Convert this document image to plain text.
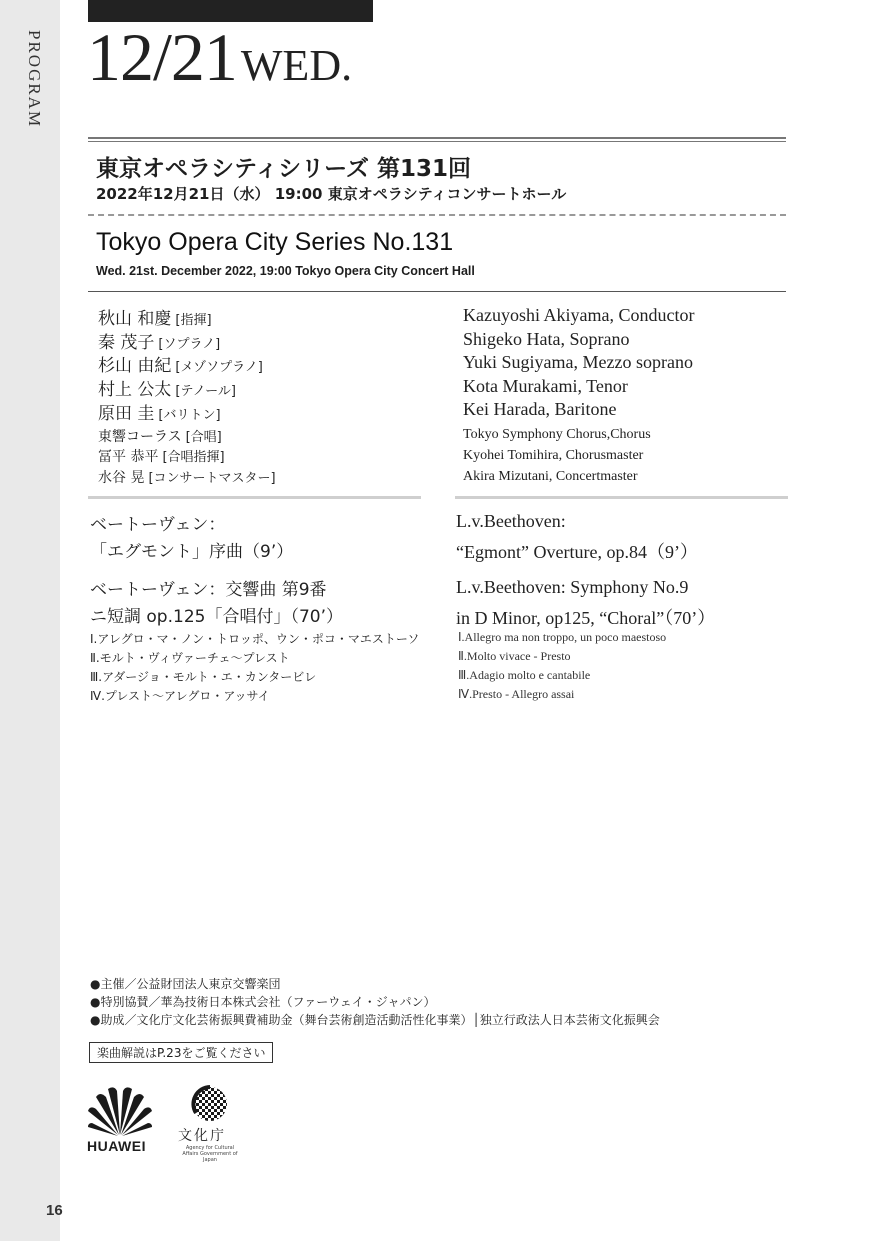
PROGRAM
16
12/21WED.
東京オペラシティシリーズ 第131回
2022年12月21日（水） 19:00 東京オペラシティコンサートホール
Tokyo Opera City Series No.131
Wed. 21st. December 2022, 19:00 Tokyo Opera City Concert Hall
秋山 和慶 [指揮]
秦 茂子 [ソプラノ]
杉山 由紀 [メゾソプラノ]
村上 公太 [テノール]
原田 圭 [バリトン]
東響コーラス [合唱]
冨平 恭平 [合唱指揮]
水谷 晃 [コンサートマスター]
Kazuyoshi Akiyama, Conductor
Shigeko Hata, Soprano
Yuki Sugiyama, Mezzo soprano
Kota Murakami, Tenor
Kei Harada, Baritone
Tokyo Symphony Chorus,Chorus
Kyohei Tomihira, Chorusmaster
Akira Mizutani, Concertmaster
ベートーヴェン：
「エグモント」序曲（9’）
ベートーヴェン：交響曲 第9番
ニ短調 op.125「合唱付」（70’）
L.v.Beethoven:
“Egmont” Overture, op.84（9’）
L.v.Beethoven: Symphony No.9
in D Minor, op125, “Choral”（70’）
Ⅰ.アレグロ・マ・ノン・トロッポ、ウン・ポコ・マエストーソ
Ⅱ.モルト・ヴィヴァーチェ〜プレスト
Ⅲ.アダージョ・モルト・エ・カンタービレ
Ⅳ.プレスト〜アレグロ・アッサイ
Ⅰ.Allegro ma non troppo, un poco maestoso
Ⅱ.Molto vivace - Presto
Ⅲ.Adagio molto e cantabile
Ⅳ.Presto - Allegro assai
●主催／公益財団法人東京交響楽団
●特別協賛／華為技術日本株式会社（ファーウェイ・ジャパン）
●助成／文化庁文化芸術振興費補助金（舞台芸術創造活動活性化事業）│独立行政法人日本芸術文化振興会
楽曲解説はP.23をご覧ください
HUAWEI
文化庁
Agency for Cultural Affairs Government of Japan
